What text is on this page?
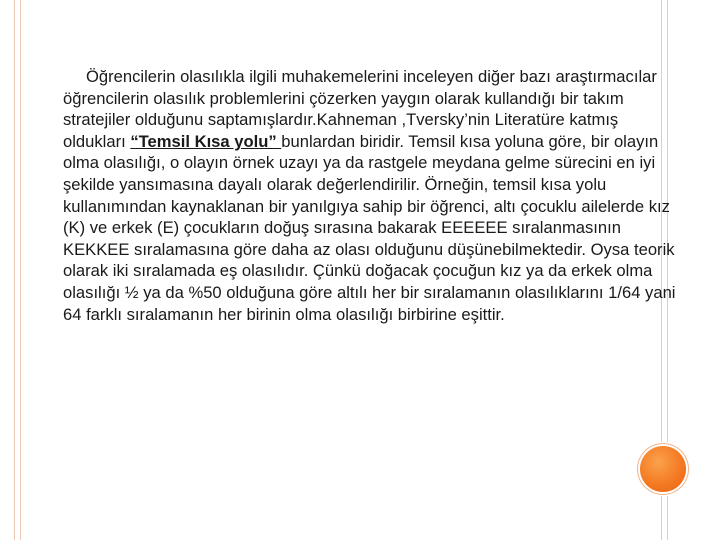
Öğrencilerin olasılıkla ilgili muhakemelerini inceleyen diğer bazı araştırmacılar öğrencilerin olasılık problemlerini çözerken yaygın olarak kullandığı bir takım stratejiler olduğunu saptamışlardır.Kahneman ,Tversky’nin Literatüre katmış oldukları “Temsil Kısa yolu” bunlardan biridir. Temsil kısa yoluna göre, bir olayın olma olasılığı, o olayın örnek uzayı ya da rastgele meydana gelme sürecini en iyi şekilde yansımasına dayalı olarak değerlendirilir. Örneğin, temsil kısa yolu kullanımından kaynaklanan bir yanılgıya sahip bir öğrenci, altı çocuklu ailelerde kız (K) ve erkek (E) çocukların doğuş sırasına bakarak EEEEEE sıralanmasının KEKKEE sıralamasına göre daha az olası olduğunu düşünebilmektedir. Oysa teorik olarak iki sıralamada eş olasılıdır. Çünkü doğacak çocuğun kız ya da erkek olma olasılığı ½ ya da %50 olduğuna göre altılı her bir sıralamanın olasılıklarını 1/64 yani 64 farklı sıralamanın her birinin olma olasılığı birbirine eşittir.
